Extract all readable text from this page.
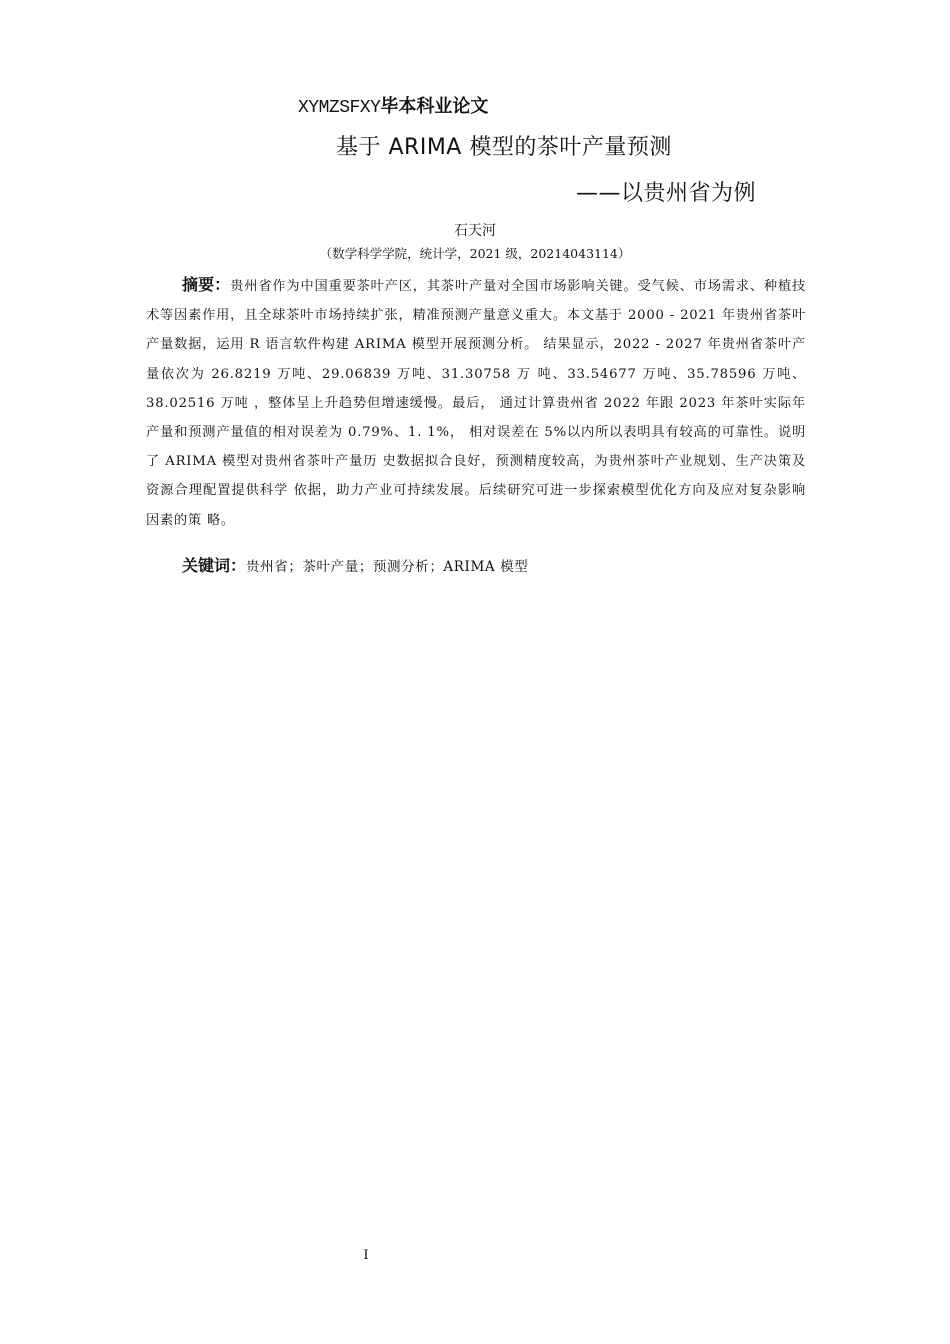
XYMZSFXY毕本科业论文
基于 ARIMA 模型的茶叶产量预测
——以贵州省为例
石天河
（数学科学学院，统计学，2021 级，20214043114）
摘要：贵州省作为中国重要茶叶产区，其茶叶产量对全国市场影响关键。受气候、市场需求、种植技术等因素作用，且全球茶叶市场持续扩张，精准预测产量意义重大。本文基于 2000 - 2021 年贵州省茶叶产量数据，运用 R 语言软件构建 ARIMA 模型开展预测分析。 结果显示，2022 - 2027 年贵州省茶叶产量依次为 26.8219 万吨、29.06839 万吨、31.30758 万 吨、33.54677 万吨、35.78596 万吨、38.02516 万吨 ，整体呈上升趋势但增速缓慢。最后， 通过计算贵州省 2022 年跟 2023 年茶叶实际年产量和预测产量值的相对误差为 0.79%、1. 1%， 相对误差在 5%以内所以表明具有较高的可靠性。说明了 ARIMA 模型对贵州省茶叶产量历 史数据拟合良好，预测精度较高，为贵州茶叶产业规划、生产决策及资源合理配置提供科学 依据，助力产业可持续发展。后续研究可进一步探索模型优化方向及应对复杂影响因素的策 略。
关键词：贵州省；茶叶产量；预测分析；ARIMA 模型
I
